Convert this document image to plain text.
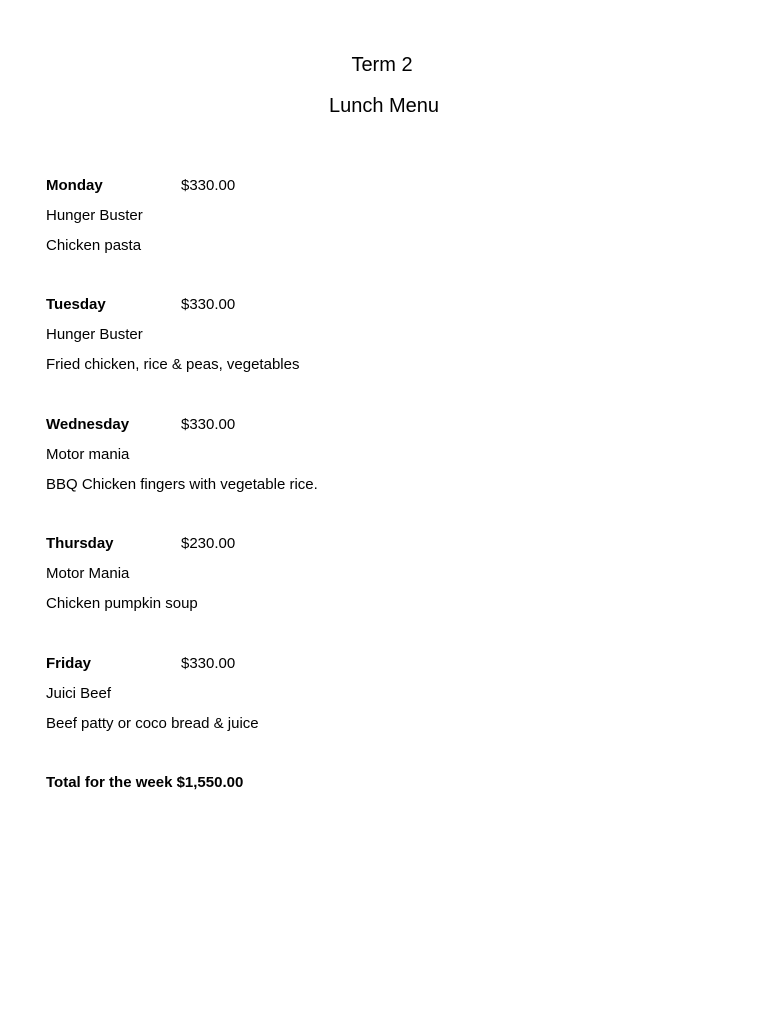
Term 2
Lunch Menu
Monday	$330.00
Hunger Buster
Chicken pasta
Tuesday	$330.00
Hunger Buster
Fried chicken, rice & peas, vegetables
Wednesday	$330.00
Motor mania
BBQ Chicken fingers with vegetable rice.
Thursday	$230.00
Motor Mania
Chicken pumpkin soup
Friday	$330.00
Juici Beef
Beef patty or coco bread & juice
Total for the week $1,550.00
